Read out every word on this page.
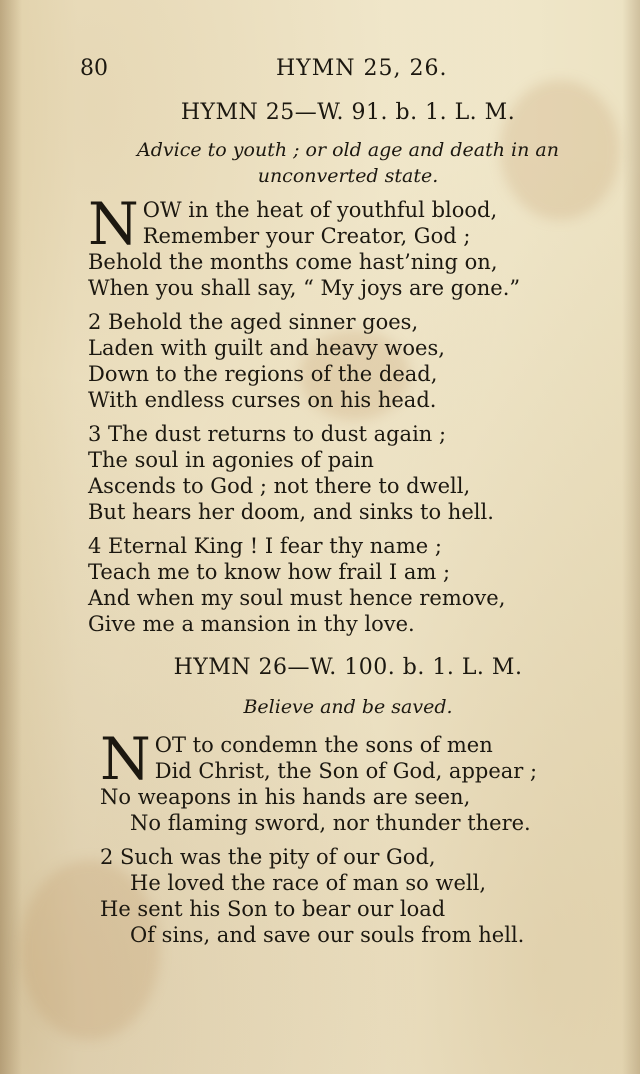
80	HYMN 25, 26.
HYMN 25—W. 91. b. 1. L. M.
Advice to youth ; or old age and death in an
unconverted state.
N OW in the heat of youthful blood,
Remember your Creator, God ;
Behold the months come hast’ning on,
When you shall say, “ My joys are gone.”
2 Behold the aged sinner goes,
Laden with guilt and heavy woes,
Down to the regions of the dead,
With endless curses on his head.
3 The dust returns to dust again ;
The soul in agonies of pain
Ascends to God ; not there to dwell,
But hears her doom, and sinks to hell.
4 Eternal King ! I fear thy name ;
Teach me to know how frail I am ;
And when my soul must hence remove,
Give me a mansion in thy love.
HYMN 26—W. 100. b. 1. L. M.
Believe and be saved.
N OT to condemn the sons of men
Did Christ, the Son of God, appear ;
No weapons in his hands are seen,
No flaming sword, nor thunder there.
2 Such was the pity of our God,
He loved the race of man so well,
He sent his Son to bear our load
Of sins, and save our souls from hell.
